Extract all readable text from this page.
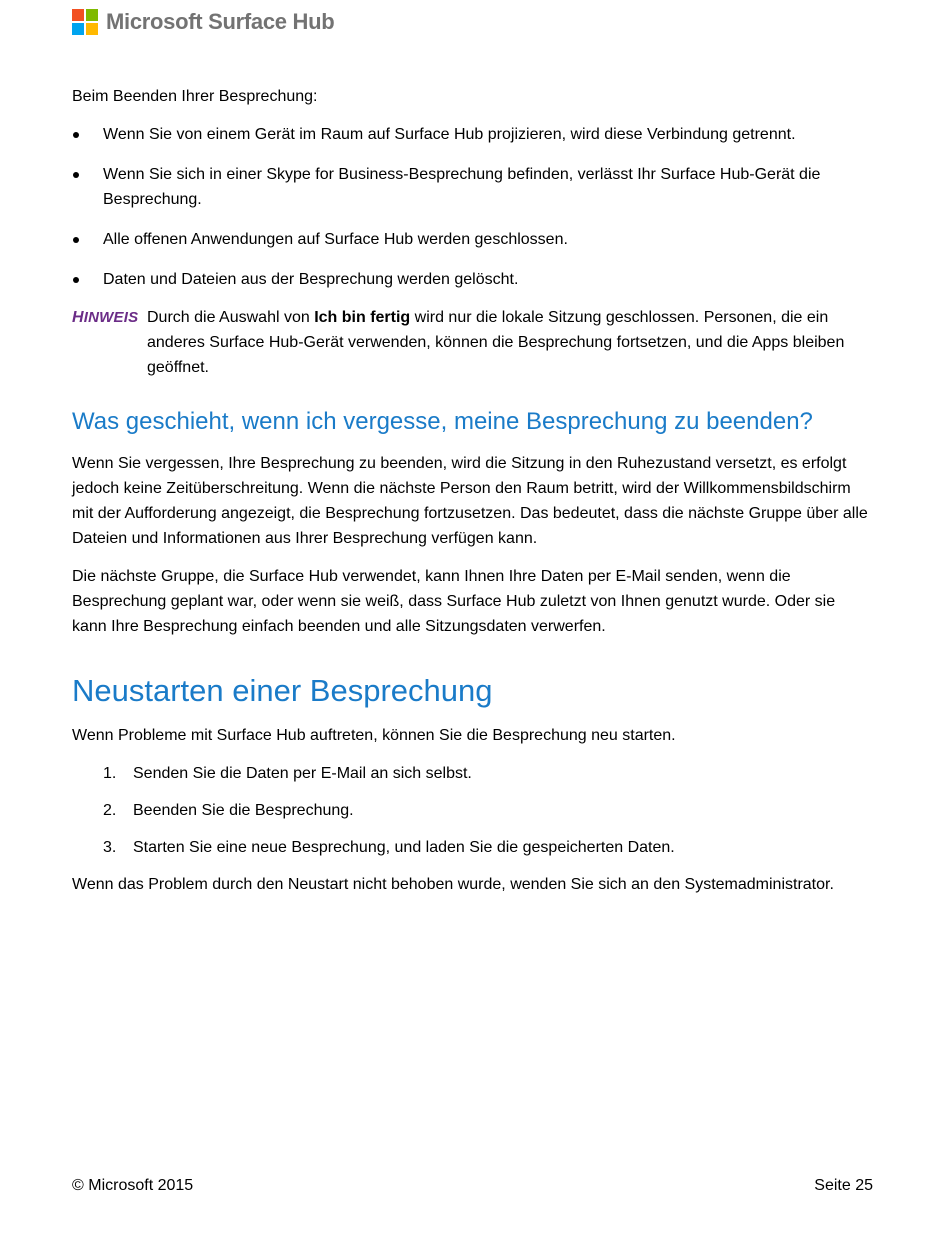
Microsoft Surface Hub

Beim Beenden Ihrer Besprechung:

Wenn Sie von einem Gerät im Raum auf Surface Hub projizieren, wird diese Verbindung getrennt.
Wenn Sie sich in einer Skype for Business-Besprechung befinden, verlässt Ihr Surface Hub-Gerät die Besprechung.
Alle offenen Anwendungen auf Surface Hub werden geschlossen.
Daten und Dateien aus der Besprechung werden gelöscht.
HINWEIS Durch die Auswahl von Ich bin fertig wird nur die lokale Sitzung geschlossen. Personen, die ein anderes Surface Hub-Gerät verwenden, können die Besprechung fortsetzen, und die Apps bleiben geöffnet.
Was geschieht, wenn ich vergesse, meine Besprechung zu beenden?

Wenn Sie vergessen, Ihre Besprechung zu beenden, wird die Sitzung in den Ruhezustand versetzt, es erfolgt jedoch keine Zeitüberschreitung. Wenn die nächste Person den Raum betritt, wird der Willkommensbildschirm mit der Aufforderung angezeigt, die Besprechung fortzusetzen. Das bedeutet, dass die nächste Gruppe über alle Dateien und Informationen aus Ihrer Besprechung verfügen kann.

Die nächste Gruppe, die Surface Hub verwendet, kann Ihnen Ihre Daten per E-Mail senden, wenn die Besprechung geplant war, oder wenn sie weiß, dass Surface Hub zuletzt von Ihnen genutzt wurde. Oder sie kann Ihre Besprechung einfach beenden und alle Sitzungsdaten verwerfen.

Neustarten einer Besprechung

Wenn Probleme mit Surface Hub auftreten, können Sie die Besprechung neu starten.

1.	Senden Sie die Daten per E-Mail an sich selbst.
2.	Beenden Sie die Besprechung.
3.	Starten Sie eine neue Besprechung, und laden Sie die gespeicherten Daten.

Wenn das Problem durch den Neustart nicht behoben wurde, wenden Sie sich an den Systemadministrator.

© Microsoft 2015	Seite 25
